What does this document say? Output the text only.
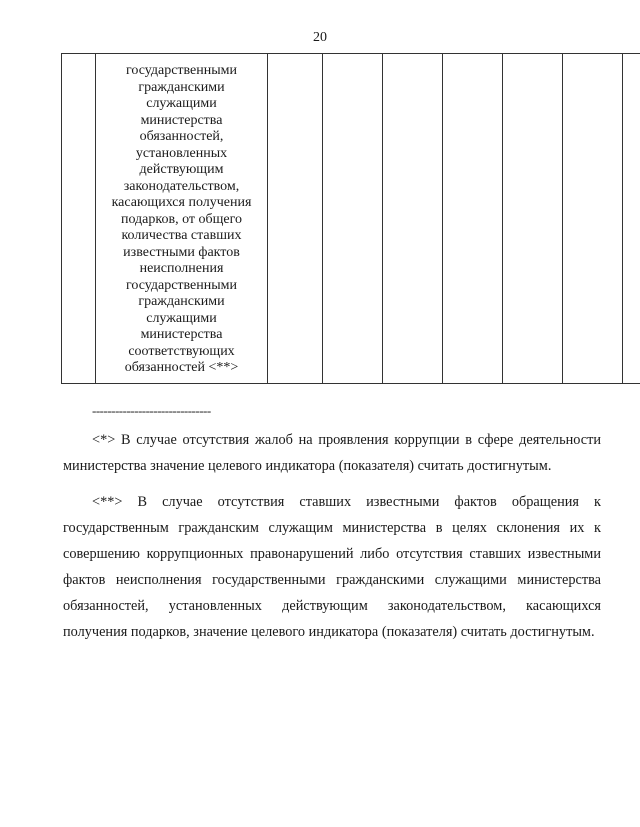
20

государственными
гражданскими
служащими
министерства
обязанностей,
установленных
действующим
законодательством,
касающихся получения
подарков, от общего
количества ставших
известными фактов
неисполнения
государственными
гражданскими
служащими
министерства
соответствующих
обязанностей <**>

-------------------------------

<*> В случае отсутствия жалоб на проявления коррупции в сфере деятельности министерства значение целевого индикатора (показателя) считать достигнутым.

<**> В случае отсутствия ставших известными фактов обращения к государственным гражданским служащим министерства в целях склонения их к совершению коррупционных правонарушений либо отсутствия ставших известными фактов неисполнения государственными гражданскими служащими министерства обязанностей, установленных действующим законодательством, касающихся получения подарков, значение целевого индикатора (показателя) считать достигнутым.
